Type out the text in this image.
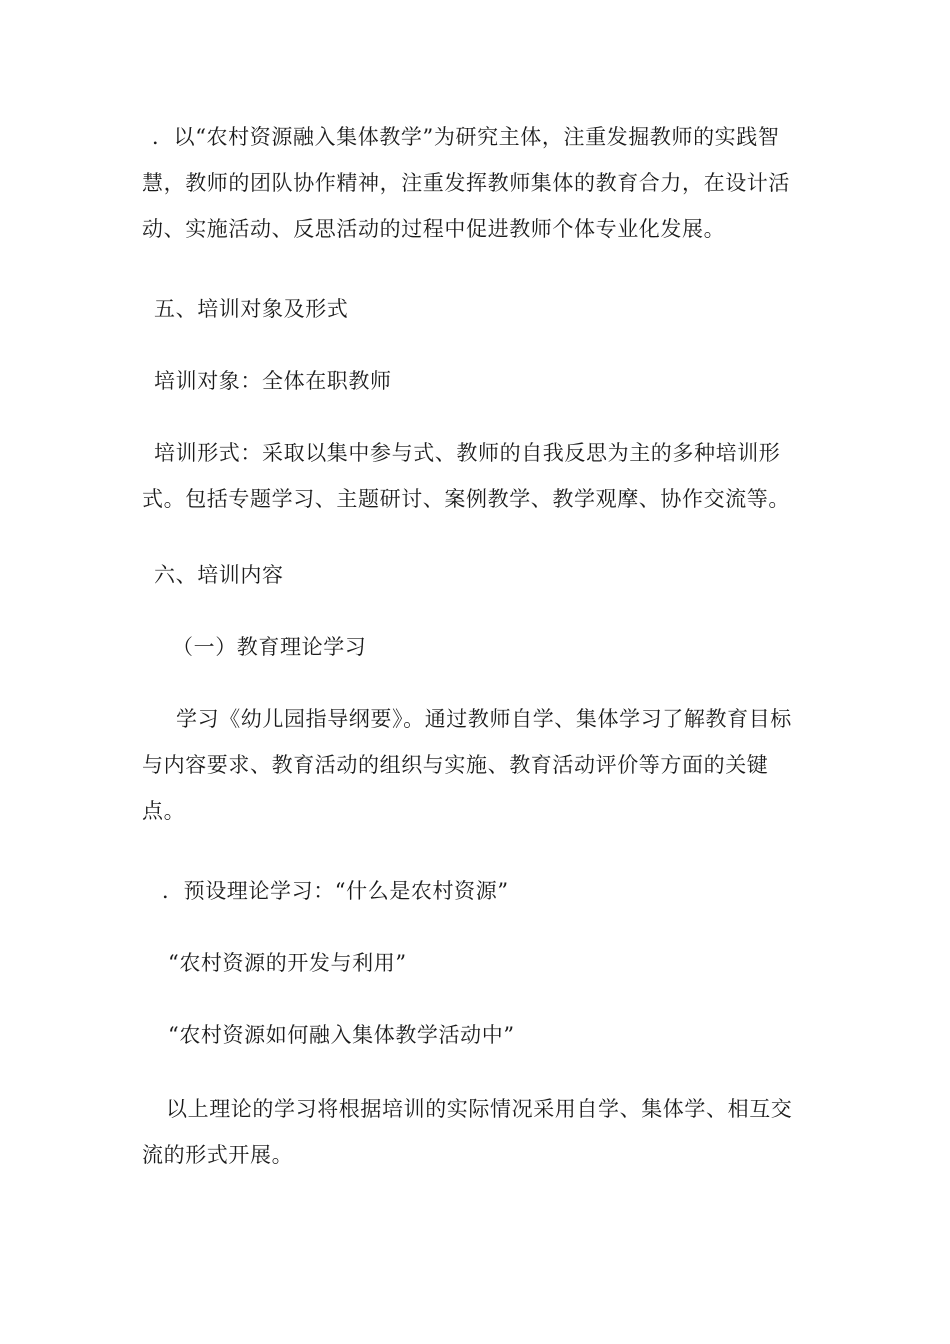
．以“农村资源融入集体教学”为研究主体，注重发掘教师的实践智慧，教师的团队协作精神，注重发挥教师集体的教育合力，在设计活动、实施活动、反思活动的过程中促进教师个体专业化发展。

五、培训对象及形式

培训对象：全体在职教师

培训形式：采取以集中参与式、教师的自我反思为主的多种培训形式。包括专题学习、主题研讨、案例教学、教学观摩、协作交流等。

六、培训内容

（一）教育理论学习

学习《幼儿园指导纲要》。通过教师自学、集体学习了解教育目标与内容要求、教育活动的组织与实施、教育活动评价等方面的关键点。

．预设理论学习：“什么是农村资源”

“农村资源的开发与利用”

“农村资源如何融入集体教学活动中”

以上理论的学习将根据培训的实际情况采用自学、集体学、相互交流的形式开展。
